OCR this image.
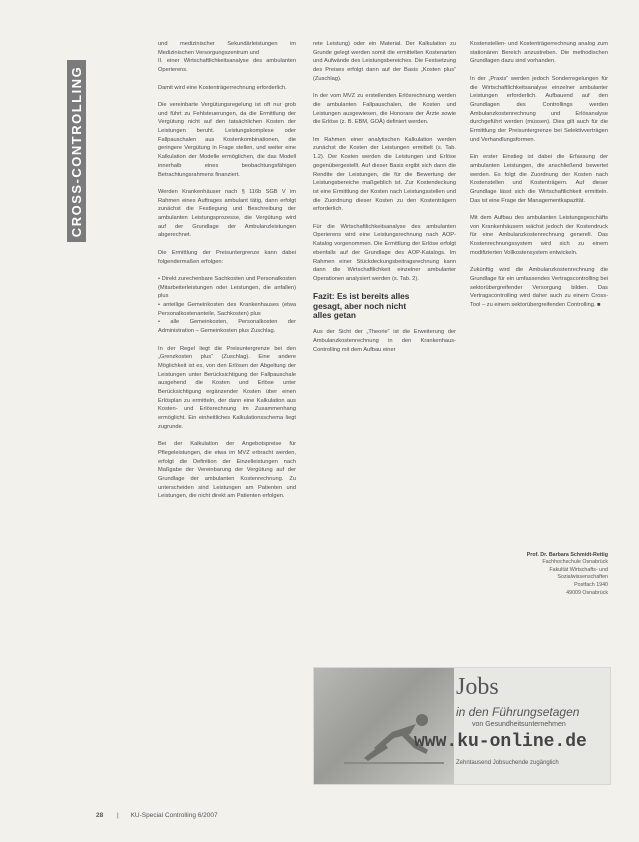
CROSS-CONTROLLING

und medizinischer Sekundärleistungen im Medizinischen Versorgungszentrum und
II. einer Wirtschaftlichkeitsanalyse des ambulanten Operierens.

Damit wird eine Kostenträgerrechnung erforderlich.

Die vereinbarte Vergütungsregelung ist oft nur grob und führt zu Fehlsteuerungen, da die Ermittlung der Vergütung nicht auf den tatsächlichen Kosten der Leistungen beruht. Leistungskomplexe oder Fallpauschalen aus Kostenkombinationen, die geringere Vergütung in Frage stellen, und weiter eine Kalkulation der Modelle ermöglichen, die das Modell innerhalb eines beobachtungsfähigen Betrachtungsrahmens finanziert.

Werden Krankenhäuser nach § 116b SGB V im Rahmen eines Auftrages ambulant tätig, dann erfolgt zunächst die Festlegung und Beschreibung der ambulanten Leistungsprozesse, die Vergütung wird auf der Grundlage der Ambulanzleistungen abgerechnet.

Die Ermittlung der Preisuntergrenze kann dabei folgendermaßen erfolgen:

• Direkt zurechenbare Sachkosten und Personalkosten (Mitarbeiterleistungen oder Leistungen, die anfallen) plus
• anteilige Gemeinkosten des Krankenhauses (etwa Personalkostenanteile, Sachkosten) plus
• alle Gemeinkosten, Personalkosten der Administration – Gemeinkosten plus Zuschlag.

In der Regel liegt die Preisuntergrenze bei den „Grenzkosten plus“ (Zuschlag). Eine andere Möglichkeit ist es, von den Erlösen der Abgeltung der Leistungen unter Berücksichtigung der Fallpauschale ausgehend die Kosten und Erlöse unter Berücksichtigung ergänzender Kosten über einen Erlösplan zu ermitteln, der dann eine Kalkulation aus Kosten- und Erlösrechnung im Zusammenhang ermöglicht. Ein einheitliches Kalkulationsschema liegt zugrunde.

Bei der Kalkulation der Angebotspreise für Pflegeleistungen, die etwa im MVZ erbracht werden, erfolgt die Definition der Einzelleistungen nach Maßgabe der Vereinbarung der Vergütung auf der Grundlage der ambulanten Kostenrechnung. Zu unterscheiden sind Leistungen am Patienten und Leistungen, die nicht direkt am Patienten erfolgen.

rete Leistung) oder ein Material. Der Kalkulation zu Grunde gelegt werden somit die ermittelten Kostenarten und Aufwände des Leistungsbereiches. Die Festsetzung des Preises erfolgt dann auf der Basis „Kosten plus“ (Zuschlag).

In der vom MVZ zu erstellenden Erlösrechnung werden die ambulanten Fallpauschalen, die Kosten und Leistungen ausgewiesen, die Honorare der Ärzte sowie die Erlöse (z. B. EBM, GOÄ) definiert werden.

Im Rahmen einer analytischen Kalkulation werden zunächst die Kosten der Leistungen ermittelt (s. Tab. 1.2). Der Kosten werden die Leistungen und Erlöse gegenübergestellt. Auf dieser Basis ergibt sich dann die Rendite der Leistungen, die für die Bewertung der Leistungsbereiche maßgeblich ist. Zur Kostendeckung ist eine Ermittlung der Kosten nach Leistungsstellen und die Zuordnung dieser Kosten zu den Kostenträgern erforderlich.

Für die Wirtschaftlichkeitsanalyse des ambulanten Operierens wird eine Leistungsrechnung nach AOP-Katalog vorgenommen. Die Ermittlung der Erlöse erfolgt ebenfalls auf der Grundlage des AOP-Katalogs. Im Rahmen einer Stückdeckungsbeitragsrechnung kann dann die Wirtschaftlichkeit einzelner ambulanter Operationen analysiert werden (s. Tab. 2).

Fazit: Es ist bereits alles
gesagt, aber noch nicht
alles getan

Aus der Sicht der „Theorie“ ist die Erweiterung der Ambulanzkostenrechnung in den Krankenhaus-Controlling mit dem Aufbau einer

Kostenstellen- und Kostenträgerrechnung analog zum stationären Bereich anzustreben. Die methodischen Grundlagen dazu sind vorhanden.

In der „Praxis“ werden jedoch Sonderregelungen für die Wirtschaftlichkeitsanalyse einzelner ambulanter Leistungen erforderlich. Aufbauend auf den Grundlagen des Controllings werden Ambulanzkostenrechnung und Erlösanalyse durchgeführt werden (müssen). Dies gilt auch für die Ermittlung der Preisuntergrenze bei Selektivverträgen und Verhandlungsformen.

Ein erster Einstieg ist dabei die Erfassung der ambulanten Leistungen, die anschließend bewertet werden. Es folgt die Zuordnung der Kosten nach Kostenstellen und Kostenträgern. Auf dieser Grundlage lässt sich die Wirtschaftlichkeit ermitteln. Das ist eine Frage der Managementkapazität.

Mit dem Aufbau des ambulanten Leistungsgeschäfts von Krankenhäusern wächst jedoch der Kostendruck für eine Ambulanzkostenrechnung generell. Das Kostenrechnungssystem wird sich zu einem modifizierten Vollkostensystem entwickeln.

Zukünftig wird die Ambulanzkostenrechnung die Grundlage für ein umfassendes Vertragscontrolling bei sektorübergreifender Versorgung bilden. Das Vertragscontrolling wird daher auch zu einem Cross-Tool – zu einem sektorübergreifenden Controlling. ■

Prof. Dr. Barbara Schmidt-Rettig

Fachhochschule Osnabrück
Fakultät Wirtschafts- und
Sozialwissenschaften
Postfach 1940
49009 Osnabrück

Jobs
in den Führungsetagen
von Gesundheitsunternehmen
www.ku-online.de
Zehntausend Jobsuchende zugänglich
28 | KU-Special Controlling 6/2007
